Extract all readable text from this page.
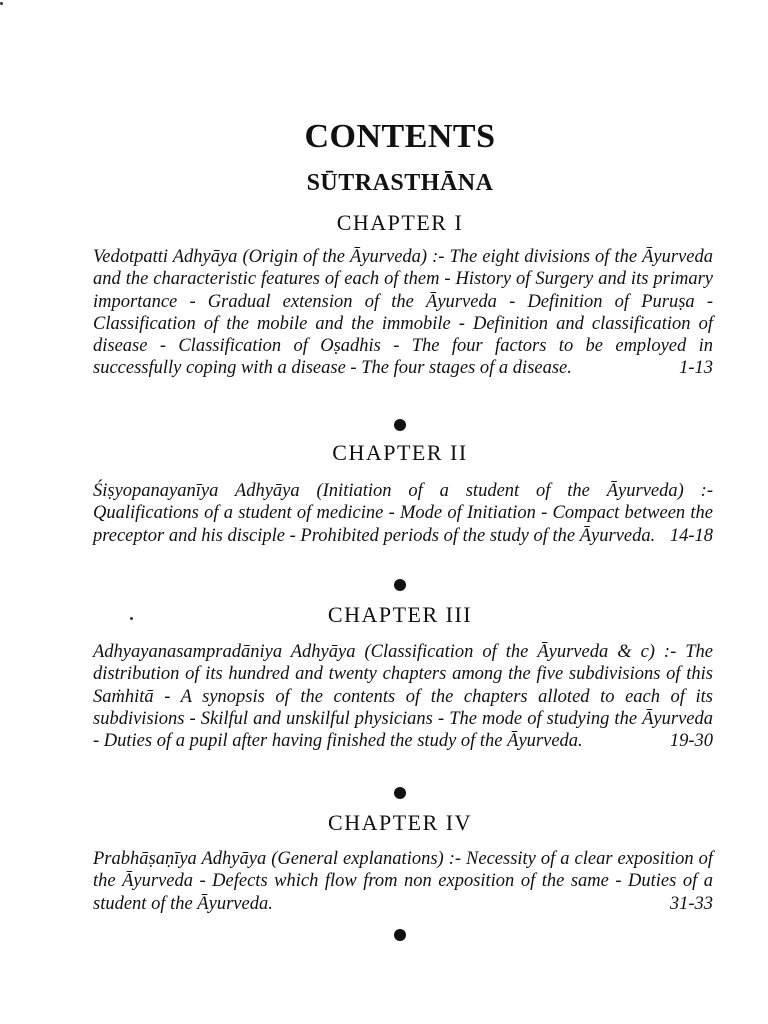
CONTENTS
SŪTRASTHĀNA
CHAPTER I
Vedotpatti Adhyāya (Origin of the Āyurveda) :- The eight divisions of the Āyurveda and the characteristic features of each of them - History of Surgery and its primary importance - Gradual extension of the Āyurveda - Definition of Puruṣa - Classification of the mobile and the immobile - Definition and classification of disease - Classification of Oṣadhis - The four factors to be employed in successfully coping with a disease - The four stages of a disease.	1-13
CHAPTER II
Śiṣyopanayanīya Adhyāya (Initiation of a student of the Āyurveda) :- Qualifications of a student of medicine - Mode of Initiation - Compact between the preceptor and his disciple - Prohibited periods of the study of the Āyurveda. 14-18
CHAPTER III
Adhyayanasampradāniya Adhyāya (Classification of the Āyurveda & c) :- The distribution of its hundred and twenty chapters among the five subdivisions of this Saṁhitā - A synopsis of the contents of the chapters alloted to each of its subdivisions - Skilful and unskilful physicians - The mode of studying the Āyurveda - Duties of a pupil after having finished the study of the Āyurveda.	19-30
CHAPTER IV
Prabhāṣaṇīya Adhyāya (General explanations) :- Necessity of a clear exposition of the Āyurveda - Defects which flow from non exposition of the same - Duties of a student of the Āyurveda.	31-33
